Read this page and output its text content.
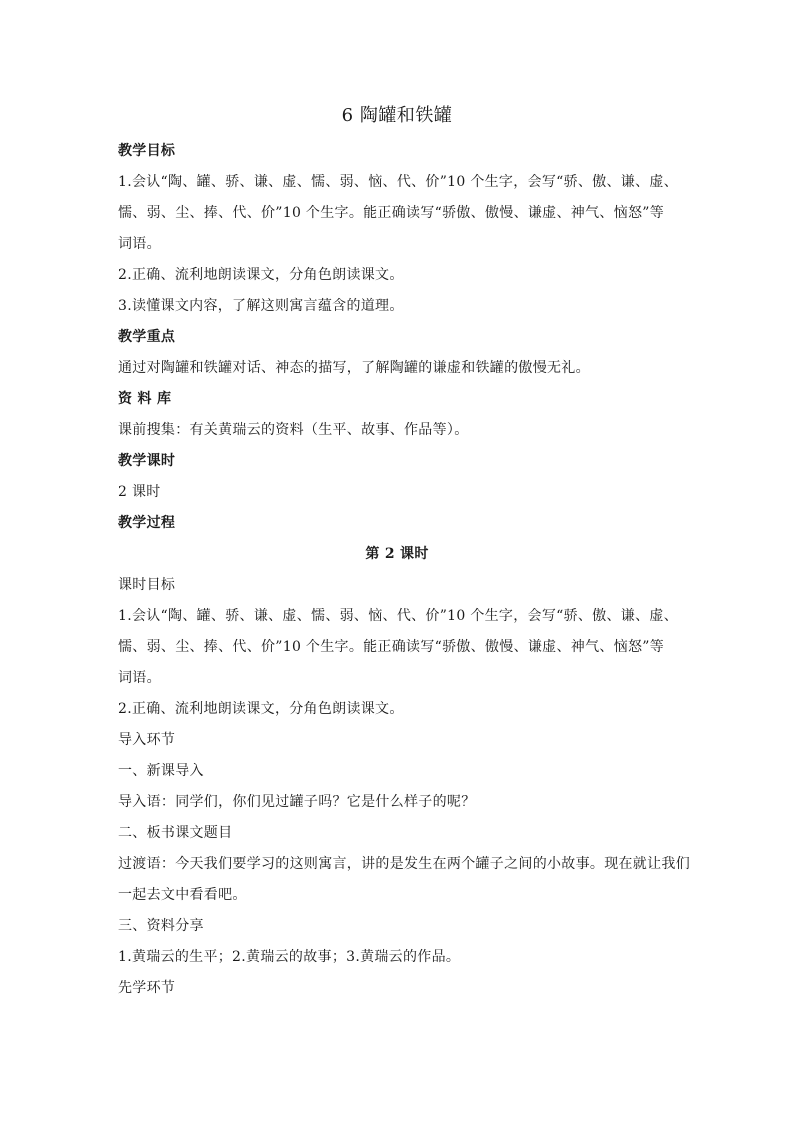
6 陶罐和铁罐
教学目标
1.会认“陶、罐、骄、谦、虚、懦、弱、恼、代、价”10 个生字，会写“骄、傲、谦、虚、
懦、弱、尘、捧、代、价”10 个生字。能正确读写“骄傲、傲慢、谦虚、神气、恼怒”等
词语。
2.正确、流利地朗读课文，分角色朗读课文。
3.读懂课文内容，了解这则寓言蕴含的道理。
教学重点
通过对陶罐和铁罐对话、神态的描写，了解陶罐的谦虚和铁罐的傲慢无礼。
资 料 库
课前搜集：有关黄瑞云的资料（生平、故事、作品等）。
教学课时
2 课时
教学过程
第 2 课时
课时目标
1.会认“陶、罐、骄、谦、虚、懦、弱、恼、代、价”10 个生字，会写“骄、傲、谦、虚、
懦、弱、尘、捧、代、价”10 个生字。能正确读写“骄傲、傲慢、谦虚、神气、恼怒”等
词语。
2.正确、流利地朗读课文，分角色朗读课文。
导入环节
一、新课导入
导入语：同学们，你们见过罐子吗？它是什么样子的呢？
二、板书课文题目
过渡语：今天我们要学习的这则寓言，讲的是发生在两个罐子之间的小故事。现在就让我们
一起去文中看看吧。
三、资料分享
1.黄瑞云的生平；2.黄瑞云的故事；3.黄瑞云的作品。
先学环节
